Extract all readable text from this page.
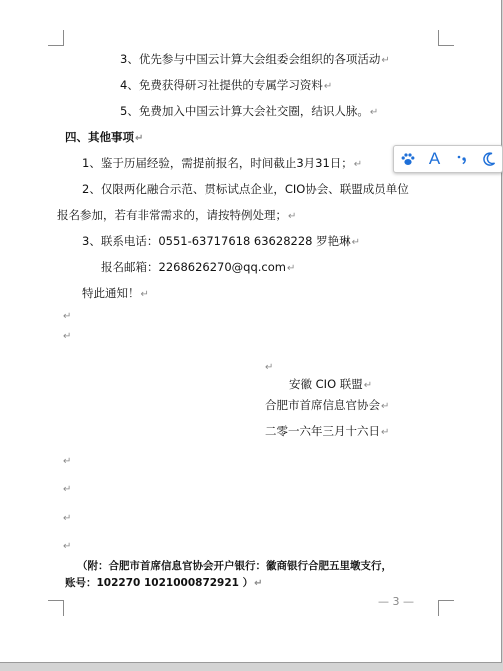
3、优先参与中国云计算大会组委会组织的各项活动↵
4、免费获得研习社提供的专属学习资料↵
5、免费加入中国云计算大会社交圈，结识人脉。↵
四、其他事项↵
1、鉴于历届经验，需提前报名，时间截止3月31日；↵
2、仅限两化融合示范、贯标试点企业，CIO协会、联盟成员单位
报名参加，若有非常需求的，请按特例处理；↵
3、联系电话：0551-63717618 63628228 罗艳琳↵
报名邮箱：2268626270@qq.com↵
特此通知！↵
↵
↵
↵
安徽 CIO 联盟↵
合肥市首席信息官协会↵
二零一六年三月十六日↵
↵
↵
↵
↵
（附：合肥市首席信息官协会开户银行：徽商银行合肥五里墩支行，
账号：102270 1021000872921 ）↵
— 3 —
A
